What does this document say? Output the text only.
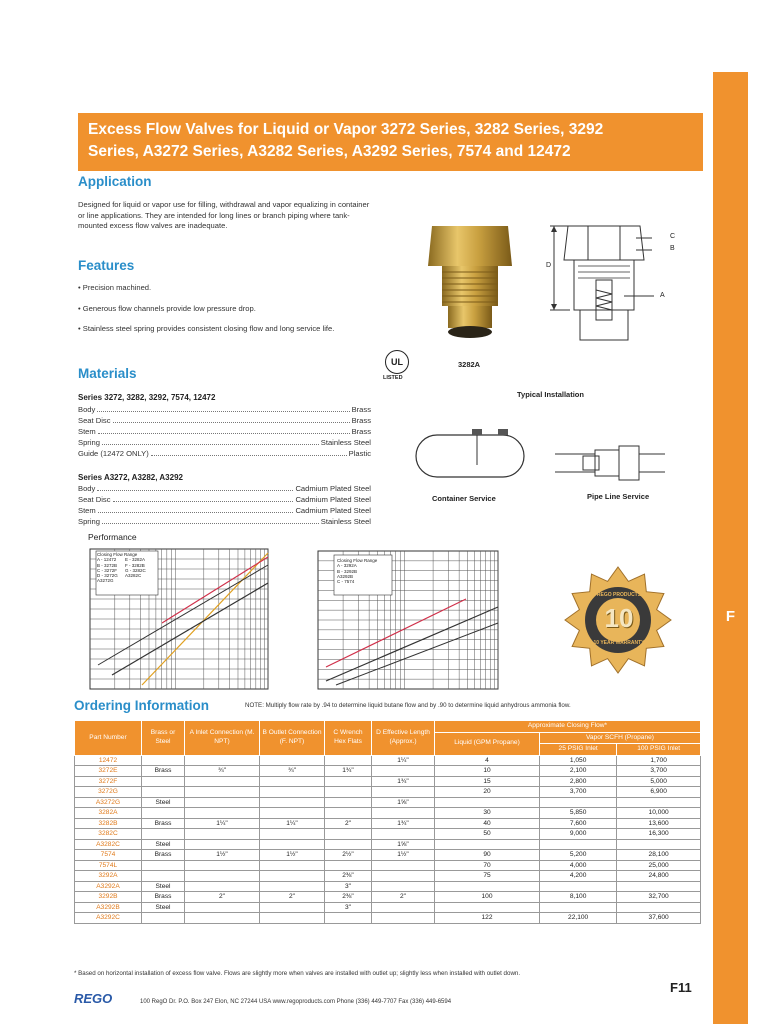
F
Excess Flow Valves for Liquid or Vapor 3272 Series, 3282 Series, 3292
Series, A3272 Series, A3282 Series, A3292 Series, 7574 and 12472
Application
Designed for liquid or vapor use for filling, withdrawal and vapor equalizing in container or line applications. They are intended for long lines or branch piping where tank-mounted excess flow valves are inadequate.
Features
• Precision machined.
• Generous flow channels provide low pressure drop.
• Stainless steel spring provides consistent closing flow and long service life.
3282A
UL
LISTED
C
B
D
A
Typical Installation
Container Service	Pipe Line Service
Materials
Series 3272, 3282, 3292, 7574, 12472
Body	Brass
Seat Disc	Brass
Stem	Brass
Spring	Stainless Steel
Guide (12472 ONLY)	Plastic
Series A3272, A3282, A3292
Body	Cadmium Plated Steel
Seat Disc	Cadmium Plated Steel
Stem	Cadmium Plated Steel
Spring	Stainless Steel
Performance
Closing Flow Range
A - 12472	E - 3282A
B - 3272B	F - 3282B
C - 3272F	G - 3282C
D - 3272G	A3282C
A3272G
Closing Flow Range
A - 3292A
B - 3292B
A3292B
C - 7574
10
REGO PRODUCTS
10 YEAR WARRANTY
Ordering Information	NOTE: Multiply flow rate by .94 to determine liquid butane flow and by .90 to determine liquid anhydrous ammonia flow.
Part Number	Brass or Steel	A Inlet Connection (M. NPT)	B Outlet Connection (F. NPT)	C Wrench Hex Flats	D Effective Length (Approx.)	Approximate Closing Flow*		
						Liquid (GPM Propane)	Vapor SCFH (Propane)	
							25 PSIG Inlet	100 PSIG Inlet
12472					1¼"	4	1,050	1,700
3272E	Brass	¾"	¾"	1¾"		10	2,100	3,700
3272F					1¾"	15	2,800	5,000
3272G						20	3,700	6,900
A3272G	Steel				1⅝"			
3282A						30	5,850	10,000
3282B	Brass	1¼"	1¼"	2"	1¾"	40	7,600	13,600
3282C						50	9,000	16,300
A3282C	Steel				1⅝"			
7574	Brass	1½"	1½"	2½"	1½"	90	5,200	28,100
7574L						70	4,000	25,000
3292A				2⅜"		75	4,200	24,800
A3292A	Steel			3"				
3292B	Brass	2"	2"	2⅜"	2"	100	8,100	32,700
A3292B	Steel			3"				
A3292C						122	22,100	37,600
* Based on horizontal installation of excess flow valve. Flows are slightly more when valves are installed with outlet up; slightly less when installed with outlet down.
REGO	100 RegO Dr. P.O. Box 247 Elon, NC 27244 USA www.regoproducts.com Phone (336) 449-7707 Fax (336) 449-6594
F11
